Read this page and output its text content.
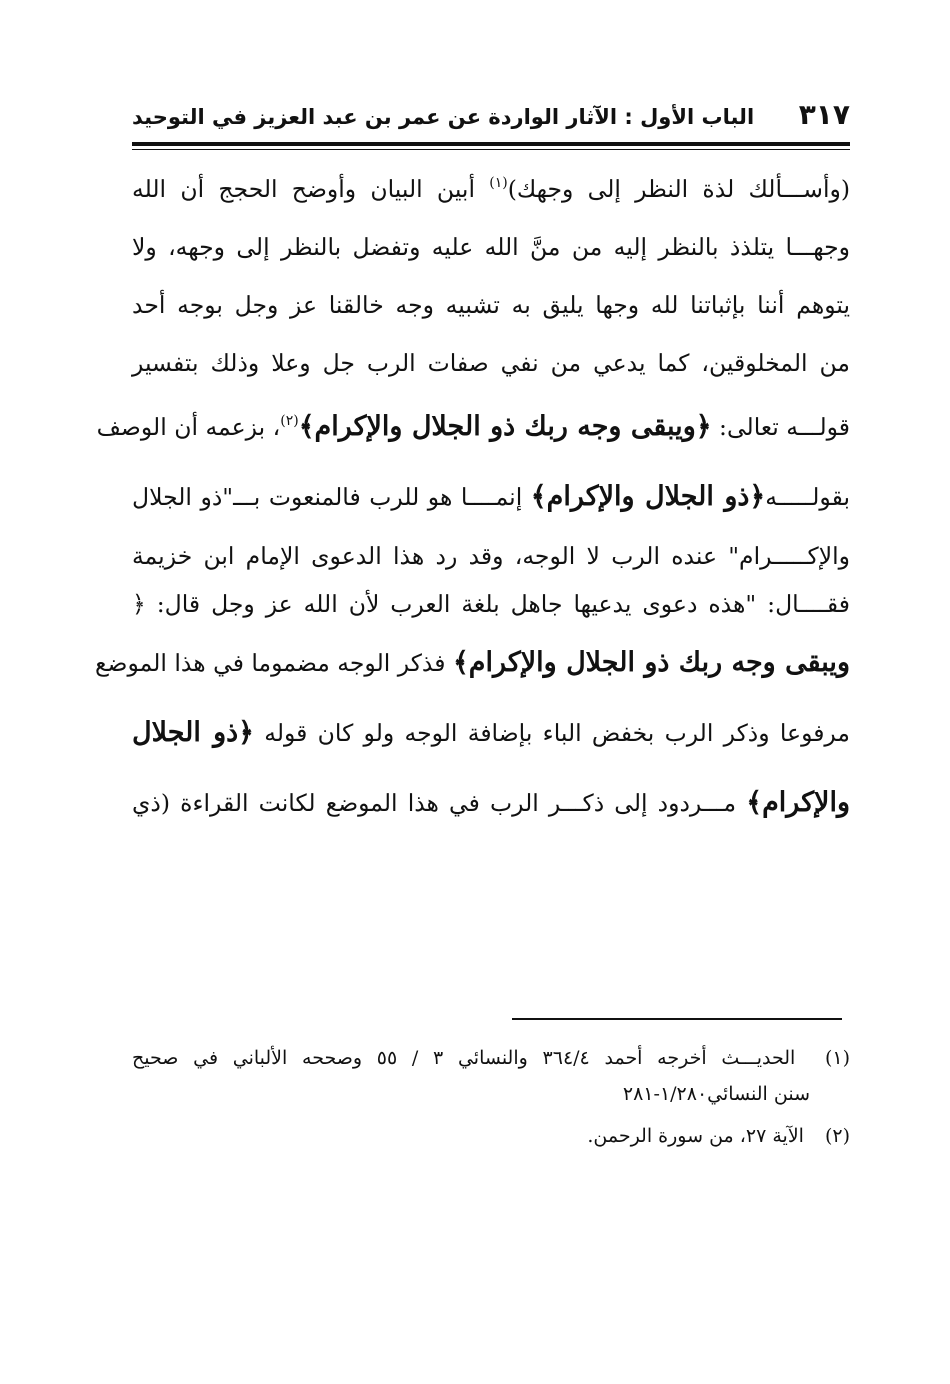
٣١٧
الباب الأول : الآثار الواردة عن عمر بن عبد العزيز في التوحيد
(وأســـألك لذة النظر إلى وجهك)$^{(١)}$ أبين البيان وأوضح الحجج أن الله
وجهـــا يتلذذ بالنظر إليه من منَّ الله عليه وتفضل بالنظر إلى وجهه، ولا
يتوهم أننا بإثباتنا لله وجها يليق به تشبيه وجه خالقنا عز وجل بوجه أحد
من المخلوقين، كما يدعي من نفي صفات الرب جل وعلا وذلك بتفسير
قولـــه تعالى: ﴿ويبقى وجه ربك ذو الجلال والإكرام﴾$^{(٢)}$، بزعمه أن الوصف
بقولـــــه﴿ذو الجلال والإكرام﴾ إنمــــا هو للرب فالمنعوت بـــ"ذو الجلال
والإكـــــرام" عنده الرب لا الوجه، وقد رد هذا الدعوى الإمام ابن خزيمة
فقــــال: "هذه دعوى يدعيها جاهل بلغة العرب لأن الله عز وجل قال: ﴿
ويبقى وجه ربك ذو الجلال والإكرام﴾ فذكر الوجه مضموما في هذا الموضع
مرفوعا وذكر الرب بخفض الباء بإضافة الوجه ولو كان قوله ﴿ذو الجلال
والإكرام﴾ مـــردود إلى ذكـــر الرب في هذا الموضع لكانت القراءة (ذي
(١) الحديـــث أخرجه أحمد ٣٦٤/٤ والنسائي ٣ / ٥٥ وصححه الألباني في صحيح
سنن النسائي١/٢٨٠-٢٨١
(٢) الآية ٢٧، من سورة الرحمن.
